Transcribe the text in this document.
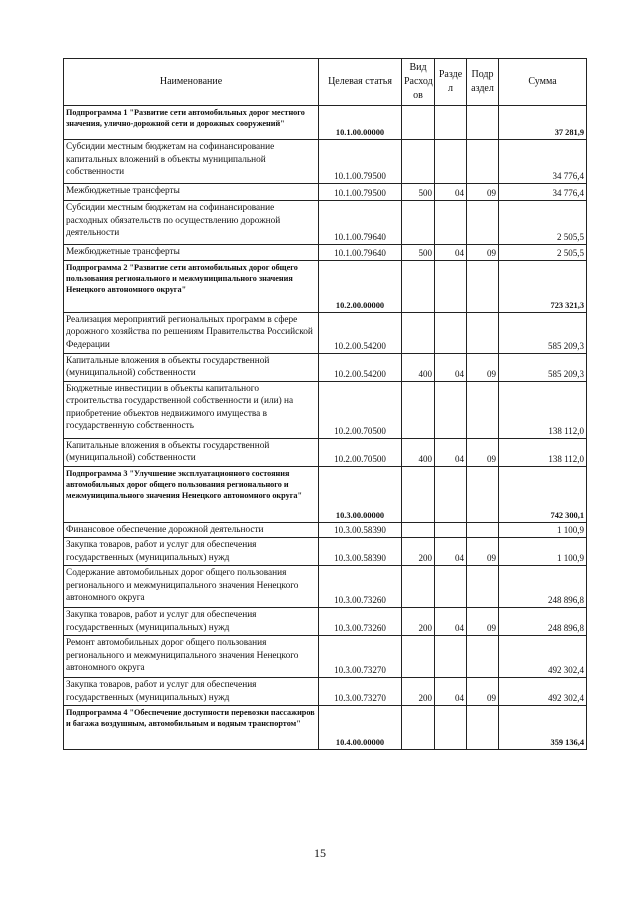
Наименование	Целевая статья	Вид Расход ов	Разде л	Подр аздел	Сумма
Подпрограмма 1 "Развитие сети автомобильных дорог местного значения, улично-дорожной сети и дорожных сооружений"	10.1.00.00000				37 281,9
Субсидии местным бюджетам на софинансирование капитальных вложений в объекты муниципальной собственности	10.1.00.79500				34 776,4
Межбюджетные трансферты	10.1.00.79500	500	04	09	34 776,4
Субсидии местным бюджетам на софинансирование расходных обязательств по осуществлению дорожной деятельности	10.1.00.79640				2 505,5
Межбюджетные трансферты	10.1.00.79640	500	04	09	2 505,5
Подпрограмма 2 "Развитие сети автомобильных дорог общего пользования регионального и межмуниципального значения Ненецкого автономного округа"	10.2.00.00000				723 321,3
Реализация мероприятий региональных программ в сфере дорожного хозяйства по решениям Правительства Российской Федерации	10.2.00.54200				585 209,3
Капитальные вложения в объекты государственной (муниципальной) собственности	10.2.00.54200	400	04	09	585 209,3
Бюджетные инвестиции в объекты капитального строительства государственной собственности и (или) на приобретение объектов недвижимого имущества в государственную собственность	10.2.00.70500				138 112,0
Капитальные вложения в объекты государственной (муниципальной) собственности	10.2.00.70500	400	04	09	138 112,0
Подпрограмма 3 "Улучшение эксплуатационного состояния автомобильных дорог общего пользования регионального и межмуниципального значения Ненецкого автономного округа"	10.3.00.00000				742 300,1
Финансовое обеспечение дорожной деятельности	10.3.00.58390				1 100,9
Закупка товаров, работ и услуг для обеспечения государственных (муниципальных) нужд	10.3.00.58390	200	04	09	1 100,9
Содержание автомобильных дорог общего пользования регионального и межмуниципального значения Ненецкого автономного округа	10.3.00.73260				248 896,8
Закупка товаров, работ и услуг для обеспечения государственных (муниципальных) нужд	10.3.00.73260	200	04	09	248 896,8
Ремонт автомобильных дорог общего пользования регионального и межмуниципального значения Ненецкого автономного округа	10.3.00.73270				492 302,4
Закупка товаров, работ и услуг для обеспечения государственных (муниципальных) нужд	10.3.00.73270	200	04	09	492 302,4
Подпрограмма 4 "Обеспечение доступности перевозки пассажиров и багажа воздушным, автомобильным и водным транспортом"	10.4.00.00000				359 136,4
15
